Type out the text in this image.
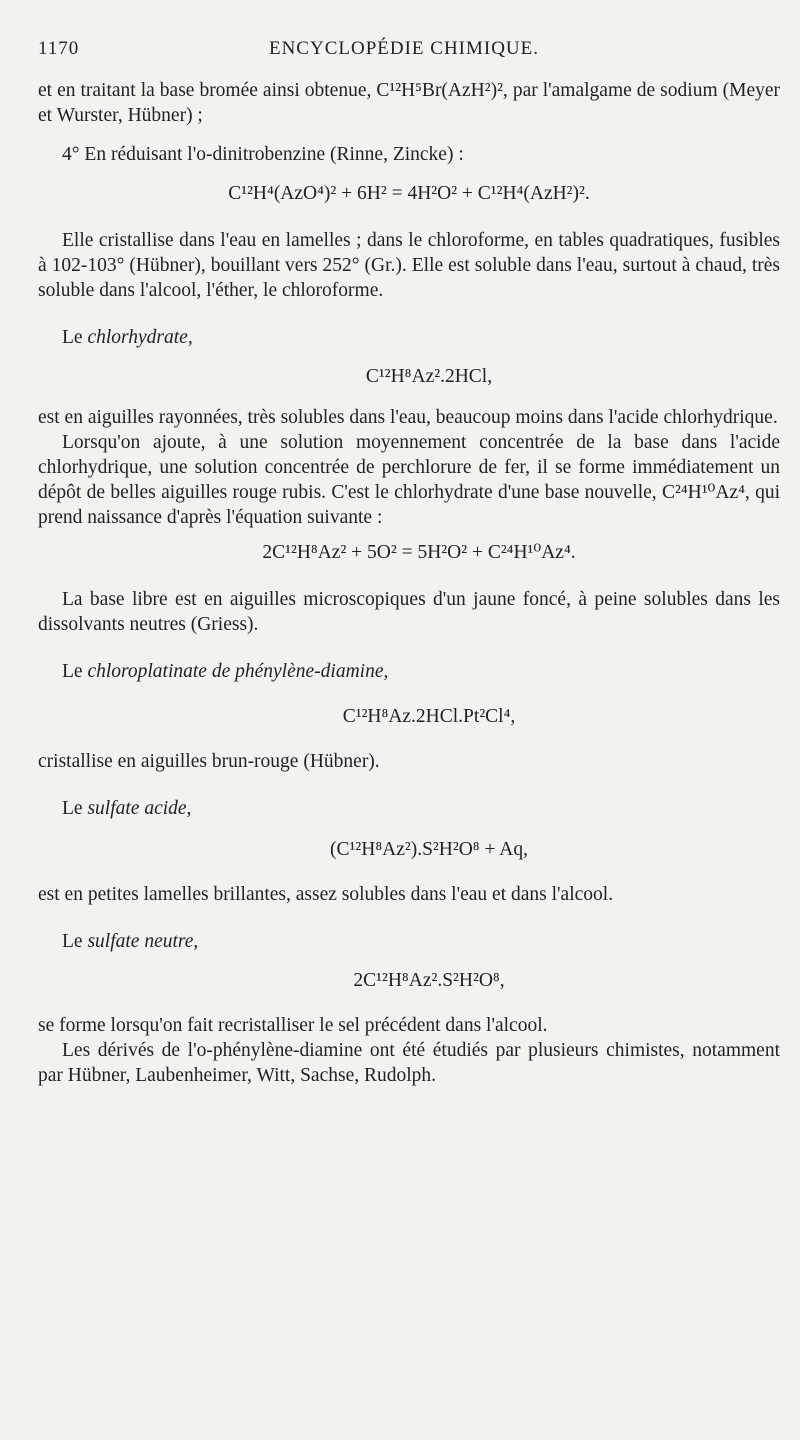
1170	ENCYCLOPÉDIE CHIMIQUE.

et en traitant la base bromée ainsi obtenue, C¹²H⁵Br(AzH²)², par l'amalgame de sodium (Meyer et Wurster, Hübner) ;

4° En réduisant l'o-dinitrobenzine (Rinne, Zincke) :

C¹²H⁴(AzO⁴)² + 6H² = 4H²O² + C¹²H⁴(AzH²)².

Elle cristallise dans l'eau en lamelles ; dans le chloroforme, en tables quadratiques, fusibles à 102-103° (Hübner), bouillant vers 252° (Gr.). Elle est soluble dans l'eau, surtout à chaud, très soluble dans l'alcool, l'éther, le chloroforme.

Le chlorhydrate,

C¹²H⁸Az².2HCl,

est en aiguilles rayonnées, très solubles dans l'eau, beaucoup moins dans l'acide chlorhydrique.

Lorsqu'on ajoute, à une solution moyennement concentrée de la base dans l'acide chlorhydrique, une solution concentrée de perchlorure de fer, il se forme immédiatement un dépôt de belles aiguilles rouge rubis. C'est le chlorhydrate d'une base nouvelle, C²⁴H¹⁰Az⁴, qui prend naissance d'après l'équation suivante :

2C¹²H⁸Az² + 5O² = 5H²O² + C²⁴H¹⁰Az⁴.

La base libre est en aiguilles microscopiques d'un jaune foncé, à peine solubles dans les dissolvants neutres (Griess).

Le chloroplatinate de phénylène-diamine,

C¹²H⁸Az.2HCl.Pt²Cl⁴,

cristallise en aiguilles brun-rouge (Hübner).

Le sulfate acide,

(C¹²H⁸Az²).S²H²O⁸ + Aq,

est en petites lamelles brillantes, assez solubles dans l'eau et dans l'alcool.

Le sulfate neutre,

2C¹²H⁸Az².S²H²O⁸,

se forme lorsqu'on fait recristalliser le sel précédent dans l'alcool.

Les dérivés de l'o-phénylène-diamine ont été étudiés par plusieurs chimistes, notamment par Hübner, Laubenheimer, Witt, Sachse, Rudolph.
